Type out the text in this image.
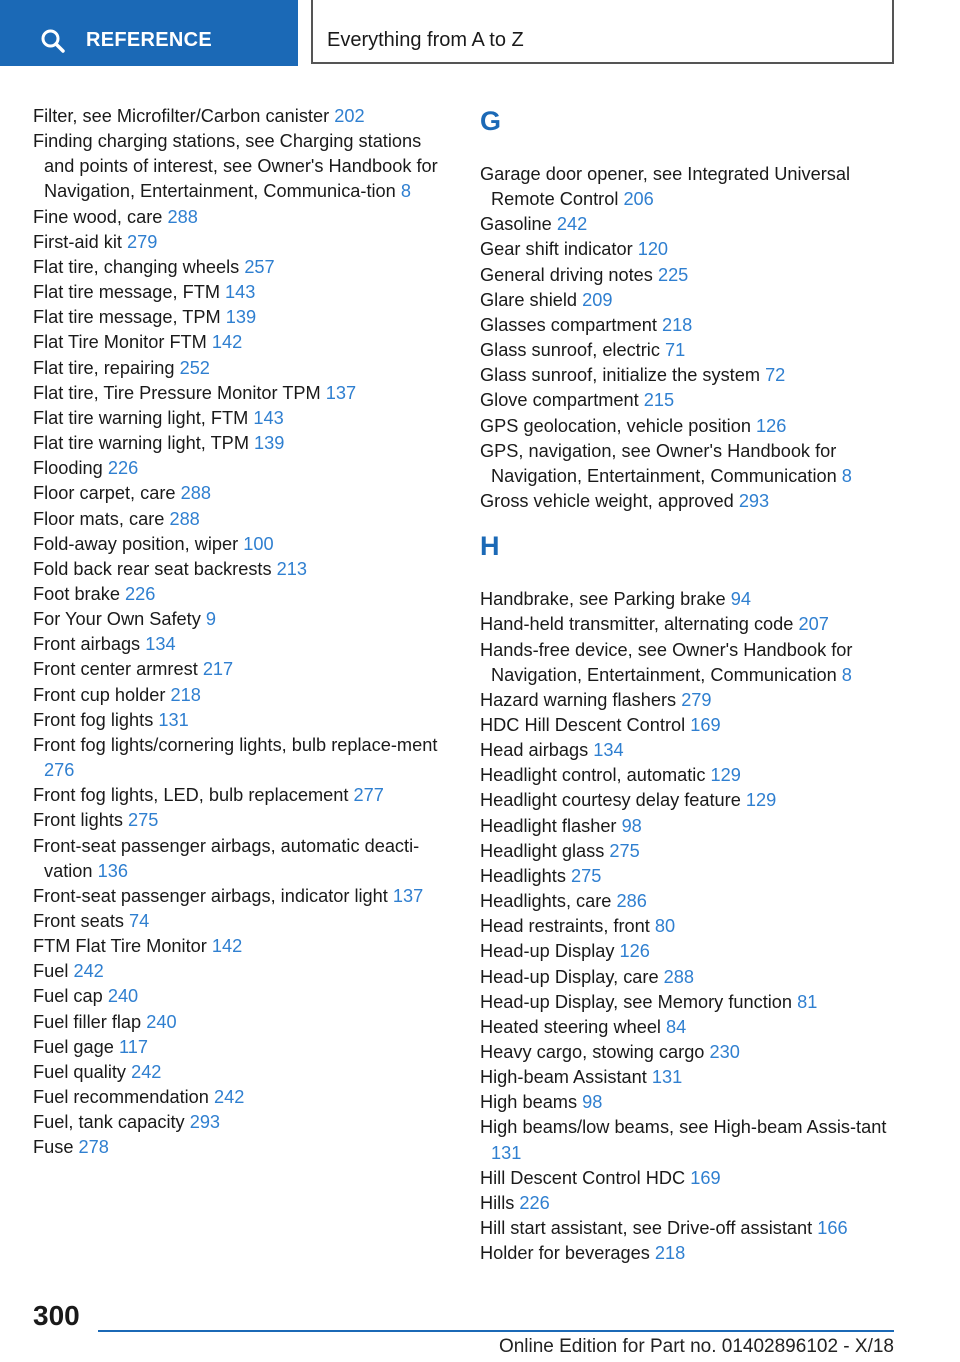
REFERENCE	Everything from A to Z
Filter, see Microfilter/Carbon canister 202
Finding charging stations, see Charging stations and points of interest, see Owner's Handbook for Navigation, Entertainment, Communica‐tion 8
Fine wood, care 288
First-aid kit 279
Flat tire, changing wheels 257
Flat tire message, FTM 143
Flat tire message, TPM 139
Flat Tire Monitor FTM 142
Flat tire, repairing 252
Flat tire, Tire Pressure Monitor TPM 137
Flat tire warning light, FTM 143
Flat tire warning light, TPM 139
Flooding 226
Floor carpet, care 288
Floor mats, care 288
Fold-away position, wiper 100
Fold back rear seat backrests 213
Foot brake 226
For Your Own Safety 9
Front airbags 134
Front center armrest 217
Front cup holder 218
Front fog lights 131
Front fog lights/cornering lights, bulb replace‐ment 276
Front fog lights, LED, bulb replacement 277
Front lights 275
Front-seat passenger airbags, automatic deacti‐vation 136
Front-seat passenger airbags, indicator light 137
Front seats 74
FTM Flat Tire Monitor 142
Fuel 242
Fuel cap 240
Fuel filler flap 240
Fuel gage 117
Fuel quality 242
Fuel recommendation 242
Fuel, tank capacity 293
Fuse 278
G
Garage door opener, see Integrated Universal Remote Control 206
Gasoline 242
Gear shift indicator 120
General driving notes 225
Glare shield 209
Glasses compartment 218
Glass sunroof, electric 71
Glass sunroof, initialize the system 72
Glove compartment 215
GPS geolocation, vehicle position 126
GPS, navigation, see Owner's Handbook for Navigation, Entertainment, Communication 8
Gross vehicle weight, approved 293
H
Handbrake, see Parking brake 94
Hand-held transmitter, alternating code 207
Hands-free device, see Owner's Handbook for Navigation, Entertainment, Communication 8
Hazard warning flashers 279
HDC Hill Descent Control 169
Head airbags 134
Headlight control, automatic 129
Headlight courtesy delay feature 129
Headlight flasher 98
Headlight glass 275
Headlights 275
Headlights, care 286
Head restraints, front 80
Head-up Display 126
Head-up Display, care 288
Head-up Display, see Memory function 81
Heated steering wheel 84
Heavy cargo, stowing cargo 230
High-beam Assistant 131
High beams 98
High beams/low beams, see High-beam Assis‐tant 131
Hill Descent Control HDC 169
Hills 226
Hill start assistant, see Drive-off assistant 166
Holder for beverages 218
300
Online Edition for Part no. 01402896102 - X/18
